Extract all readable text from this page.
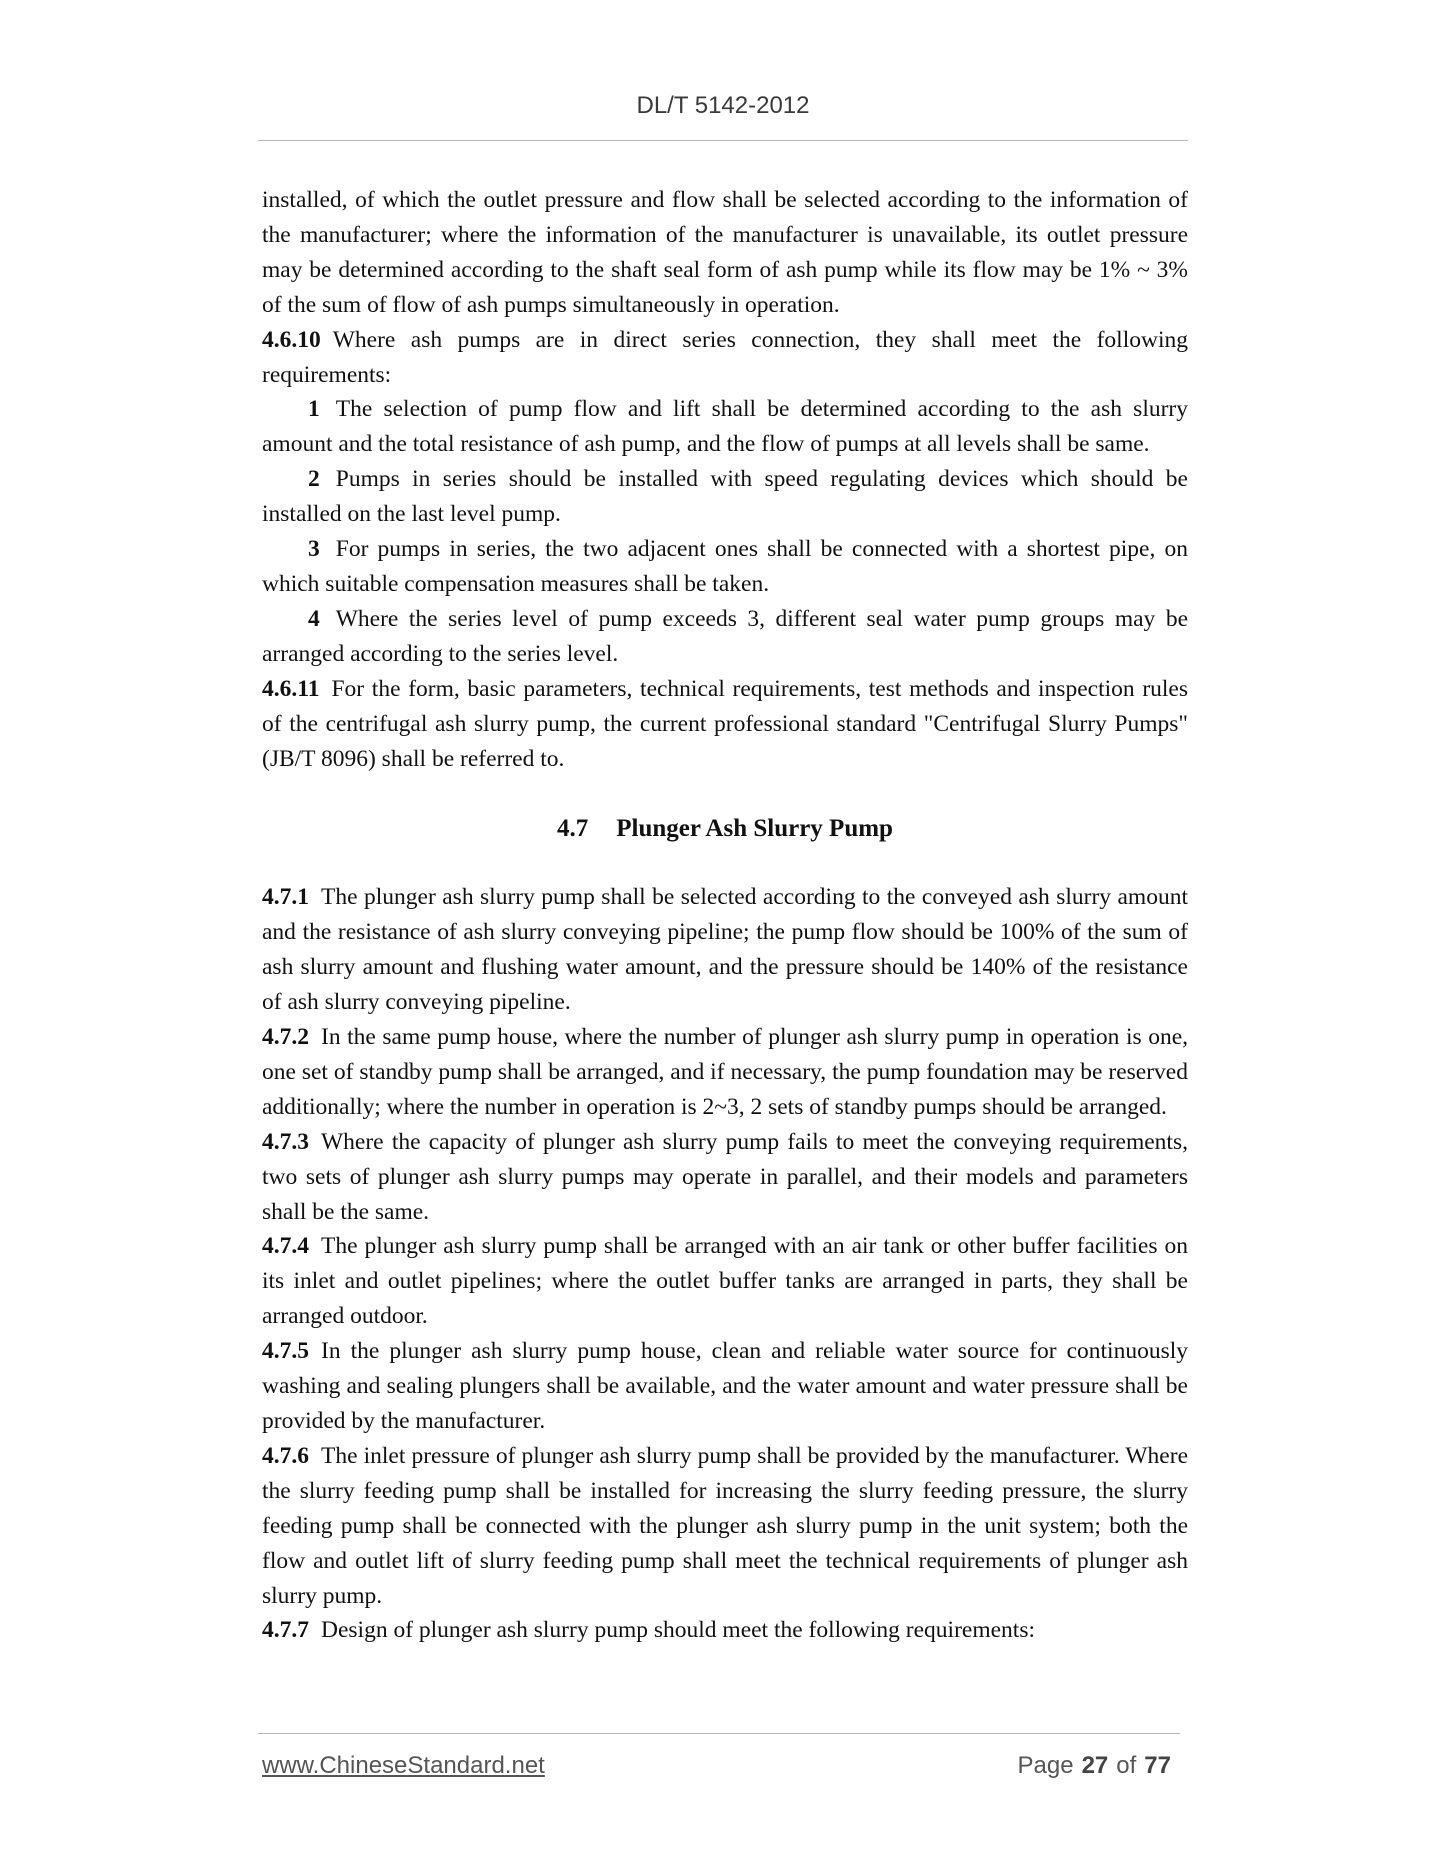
DL/T 5142-2012

installed, of which the outlet pressure and flow shall be selected according to the information of the manufacturer; where the information of the manufacturer is unavailable, its outlet pressure may be determined according to the shaft seal form of ash pump while its flow may be 1% ~ 3% of the sum of flow of ash pumps simultaneously in operation.

4.6.10 Where ash pumps are in direct series connection, they shall meet the following requirements:

1 The selection of pump flow and lift shall be determined according to the ash slurry amount and the total resistance of ash pump, and the flow of pumps at all levels shall be same.

2 Pumps in series should be installed with speed regulating devices which should be installed on the last level pump.

3 For pumps in series, the two adjacent ones shall be connected with a shortest pipe, on which suitable compensation measures shall be taken.

4 Where the series level of pump exceeds 3, different seal water pump groups may be arranged according to the series level.

4.6.11 For the form, basic parameters, technical requirements, test methods and inspection rules of the centrifugal ash slurry pump, the current professional standard "Centrifugal Slurry Pumps"(JB/T 8096) shall be referred to.

4.7 Plunger Ash Slurry Pump

4.7.1 The plunger ash slurry pump shall be selected according to the conveyed ash slurry amount and the resistance of ash slurry conveying pipeline; the pump flow should be 100% of the sum of ash slurry amount and flushing water amount, and the pressure should be 140% of the resistance of ash slurry conveying pipeline.

4.7.2 In the same pump house, where the number of plunger ash slurry pump in operation is one, one set of standby pump shall be arranged, and if necessary, the pump foundation may be reserved additionally; where the number in operation is 2~3, 2 sets of standby pumps should be arranged.

4.7.3 Where the capacity of plunger ash slurry pump fails to meet the conveying requirements, two sets of plunger ash slurry pumps may operate in parallel, and their models and parameters shall be the same.

4.7.4 The plunger ash slurry pump shall be arranged with an air tank or other buffer facilities on its inlet and outlet pipelines; where the outlet buffer tanks are arranged in parts, they shall be arranged outdoor.

4.7.5 In the plunger ash slurry pump house, clean and reliable water source for continuously washing and sealing plungers shall be available, and the water amount and water pressure shall be provided by the manufacturer.

4.7.6 The inlet pressure of plunger ash slurry pump shall be provided by the manufacturer. Where the slurry feeding pump shall be installed for increasing the slurry feeding pressure, the slurry feeding pump shall be connected with the plunger ash slurry pump in the unit system; both the flow and outlet lift of slurry feeding pump shall meet the technical requirements of plunger ash slurry pump.

4.7.7 Design of plunger ash slurry pump should meet the following requirements:

www.ChineseStandard.net	Page 27 of 77
